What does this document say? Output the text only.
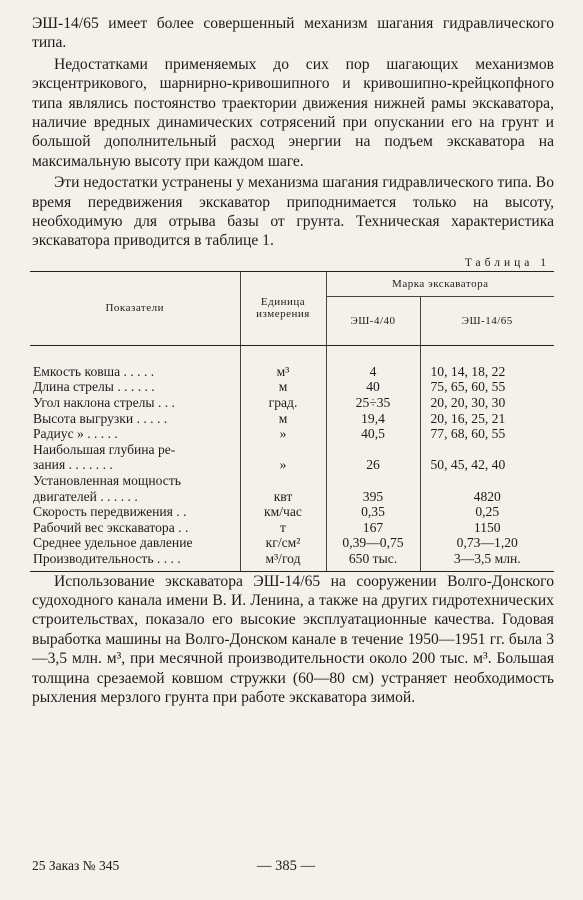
ЭШ-14/65 имеет более совершенный механизм шагания гидравлического типа.

Недостатками применяемых до сих пор шагающих механизмов эксцентрикового, шарнирно-кривошипного и кривошипно-крейцкопфного типа являлись постоянство траектории движения нижней рамы экскаватора, наличие вредных динамических сотрясений при опускании его на грунт и большой дополнительный расход энергии на подъем экскаватора на максимальную высоту при каждом шаге.

Эти недостатки устранены у механизма шагания гидравлического типа. Во время передвижения экскаватор приподнимается только на высоту, необходимую для отрыва базы от грунта. Техническая характеристика экскаватора приводится в таблице 1.

Таблица 1
Показатели	Единица измерения	Марка экскаватора	
		ЭШ-4/40	ЭШ-14/65
Емкость ковша . . . . .	м³	4	10, 14, 18, 22
Длина стрелы . . . . . .	м	40	75, 65, 60, 55
Угол наклона стрелы . . .	град.	25÷35	20, 20, 30, 30
Высота выгрузки . . . . .	м	19,4	20, 16, 25, 21
Радиус » . . . . .	»	40,5	77, 68, 60, 55
Наибольшая глубина ре-			
зания . . . . . . .	»	26	50, 45, 42, 40
Установленная мощность			
двигателей . . . . . .	квт	395	4820
Скорость передвижения . .	км/час	0,35	0,25
Рабочий вес экскаватора . .	т	167	1150
Среднее удельное давление	кг/см²	0,39—0,75	0,73—1,20
Производительность . . . .	м³/год	650 тыс.	3—3,5 млн.

Использование экскаватора ЭШ-14/65 на сооружении Волго-Донского судоходного канала имени В. И. Ленина, а также на других гидротехнических строительствах, показало его высокие эксплуатационные качества. Годовая выработка машины на Волго-Донском канале в течение 1950—1951 гг. была 3—3,5 млн. м³, при месячной производительности около 200 тыс. м³. Большая толщина срезаемой ковшом стружки (60—80 см) устраняет необходимость рыхления мерзлого грунта при работе экскаватора зимой.

25 Заказ № 345	— 385 —
